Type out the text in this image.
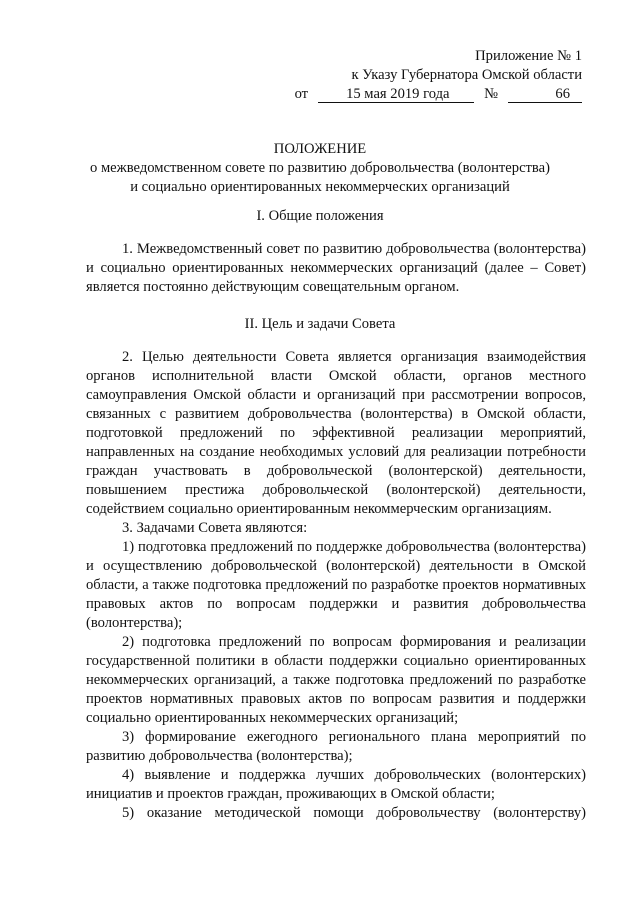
Приложение № 1
к Указу Губернатора Омской области
от	15 мая 2019 года	№	66
ПОЛОЖЕНИЕ
о межведомственном совете по развитию добровольчества (волонтерства)
и социально ориентированных некоммерческих организаций
I. Общие положения

1. Межведомственный совет по развитию добровольчества (волонтерства) и социально ориентированных некоммерческих организаций (далее – Совет) является постоянно действующим совещательным органом.

II. Цель и задачи Совета

2. Целью деятельности Совета является организация взаимодействия органов исполнительной власти Омской области, органов местного самоуправления Омской области и организаций при рассмотрении вопросов, связанных с развитием добровольчества (волонтерства) в Омской области, подготовкой предложений по эффективной реализации мероприятий, направленных на создание необходимых условий для реализации потребности граждан участвовать в добровольческой (волонтерской) деятельности, повышением престижа добровольческой (волонтерской) деятельности, содействием социально ориентированным некоммерческим организациям.

3. Задачами Совета являются:

1) подготовка предложений по поддержке добровольчества (волонтерства) и осуществлению добровольческой (волонтерской) деятельности в Омской области, а также подготовка предложений по разработке проектов нормативных правовых актов по вопросам поддержки и развития добровольчества (волонтерства);

2) подготовка предложений по вопросам формирования и реализации государственной политики в области поддержки социально ориентированных некоммерческих организаций, а также подготовка предложений по разработке проектов нормативных правовых актов по вопросам развития и поддержки социально ориентированных некоммерческих организаций;

3) формирование ежегодного регионального плана мероприятий по развитию добровольчества (волонтерства);

4) выявление и поддержка лучших добровольческих (волонтерских) инициатив и проектов граждан, проживающих в Омской области;

5) оказание методической помощи добровольчеству (волонтерству)
